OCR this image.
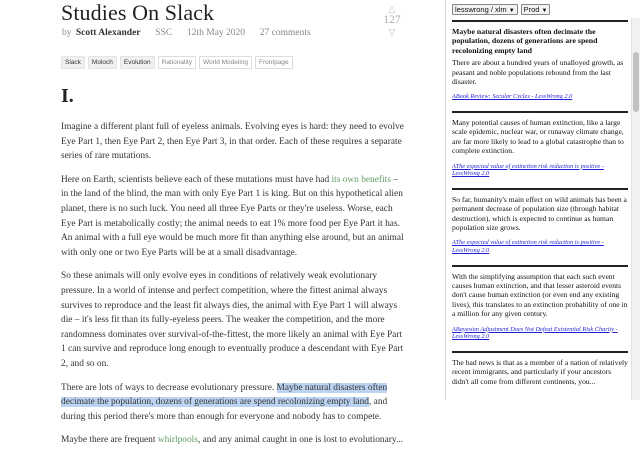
Studies On Slack
by Scott Alexander SSC 12th May 2020 27 comments
△
127
▽
Slack	Moloch	Evolution	Rationality	World Modeling	Frontpage
I.

Imagine a different plant full of eyeless animals. Evolving eyes is hard: they need to evolve Eye Part 1, then Eye Part 2, then Eye Part 3, in that order. Each of these requires a separate series of rare mutations.

Here on Earth, scientists believe each of these mutations must have had its own benefits – in the land of the blind, the man with only Eye Part 1 is king. But on this hypothetical alien planet, there is no such luck. You need all three Eye Parts or they're useless. Worse, each Eye Part is metabolically costly; the animal needs to eat 1% more food per Eye Part it has. An animal with a full eye would be much more fit than anything else around, but an animal with only one or two Eye Parts will be at a small disadvantage.

So these animals will only evolve eyes in conditions of relatively weak evolutionary pressure. In a world of intense and perfect competition, where the fittest animal always survives to reproduce and the least fit always dies, the animal with Eye Part 1 will always die – it's less fit than its fully-eyeless peers. The weaker the competition, and the more randomness dominates over survival-of-the-fittest, the more likely an animal with Eye Part 1 can survive and reproduce long enough to eventually produce a descendant with Eye Part 2, and so on.

There are lots of ways to decrease evolutionary pressure. Maybe natural disasters often decimate the population, dozens of generations are spend recolonizing empty land, and during this period there's more than enough for everyone and nobody has to compete.

Maybe there are frequent whirlpools, and any animal caught in one is lost to evolutionary...

lesswrong / xlm ▼	Prod ▼
Maybe natural disasters often decimate the population, dozens of generations are spend recolonizing empty land
There are about a hundred years of unalloyed growth, as peasant and noble populations rebound from the last disaster.
ABook Review: Secular Cycles - LessWrong 2.0
Many potential causes of human extinction, like a large scale epidemic, nuclear war, or runaway climate change, are far more likely to lead to a global catastrophe than to complete extinction.
AThe expected value of extinction risk reduction is positive - LessWrong 2.0
So far, humanity's main effect on wild animals has been a permanent decrease of population size (through habitat destruction), which is expected to continue as human population size grows.
AThe expected value of extinction risk reduction is positive - LessWrong 2.0
With the simplifying assumption that each such event causes human extinction, and that lesser asteroid events don't cause human extinction (or even end any existing lives), this translates to an extinction probability of one in a million for any given century.
ABayesian Adjustment Does Not Defeat Existential Risk Charity - LessWrong 2.0
The bad news is that as a member of a nation of relatively recent immigrants, and particularly if your ancestors didn't all come from different continents, you...
